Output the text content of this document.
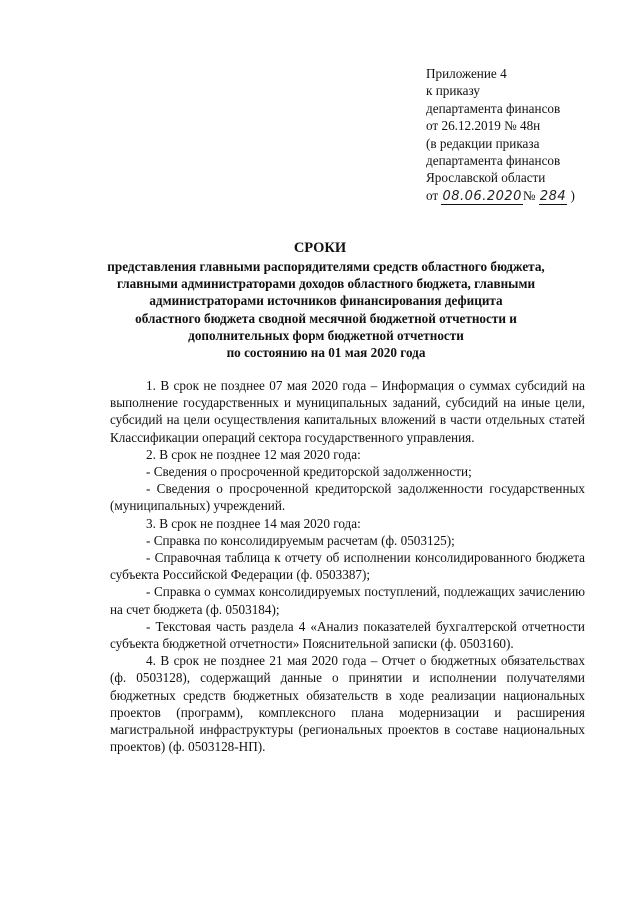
Приложение 4
к приказу
департамента финансов
от 26.12.2019 № 48н
(в редакции приказа
департамента финансов
Ярославской области
от 08.06.2020№ 284 )
СРОКИ
представления главными распорядителями средств областного бюджета,
главными администраторами доходов областного бюджета, главными
администраторами источников финансирования дефицита
областного бюджета сводной месячной бюджетной отчетности и
дополнительных форм бюджетной отчетности
по состоянию на 01 мая 2020 года

1. В срок не позднее 07 мая 2020 года – Информация о суммах субсидий на выполнение государственных и муниципальных заданий, субсидий на иные цели, субсидий на цели осуществления капитальных вложений в части отдельных статей Классификации операций сектора государственного управления.

2. В срок не позднее 12 мая 2020 года:

- Сведения о просроченной кредиторской задолженности;

- Сведения о просроченной кредиторской задолженности государственных (муниципальных) учреждений.

3. В срок не позднее 14 мая 2020 года:

- Справка по консолидируемым расчетам (ф. 0503125);

- Справочная таблица к отчету об исполнении консолидированного бюджета субъекта Российской Федерации (ф. 0503387);

- Справка о суммах консолидируемых поступлений, подлежащих зачислению на счет бюджета (ф. 0503184);

- Текстовая часть раздела 4 «Анализ показателей бухгалтерской отчетности субъекта бюджетной отчетности» Пояснительной записки (ф. 0503160).

4. В срок не позднее 21 мая 2020 года – Отчет о бюджетных обязательствах (ф. 0503128), содержащий данные о принятии и исполнении получателями бюджетных средств бюджетных обязательств в ходе реализации национальных проектов (программ), комплексного плана модернизации и расширения магистральной инфраструктуры (региональных проектов в составе национальных проектов) (ф. 0503128-НП).
